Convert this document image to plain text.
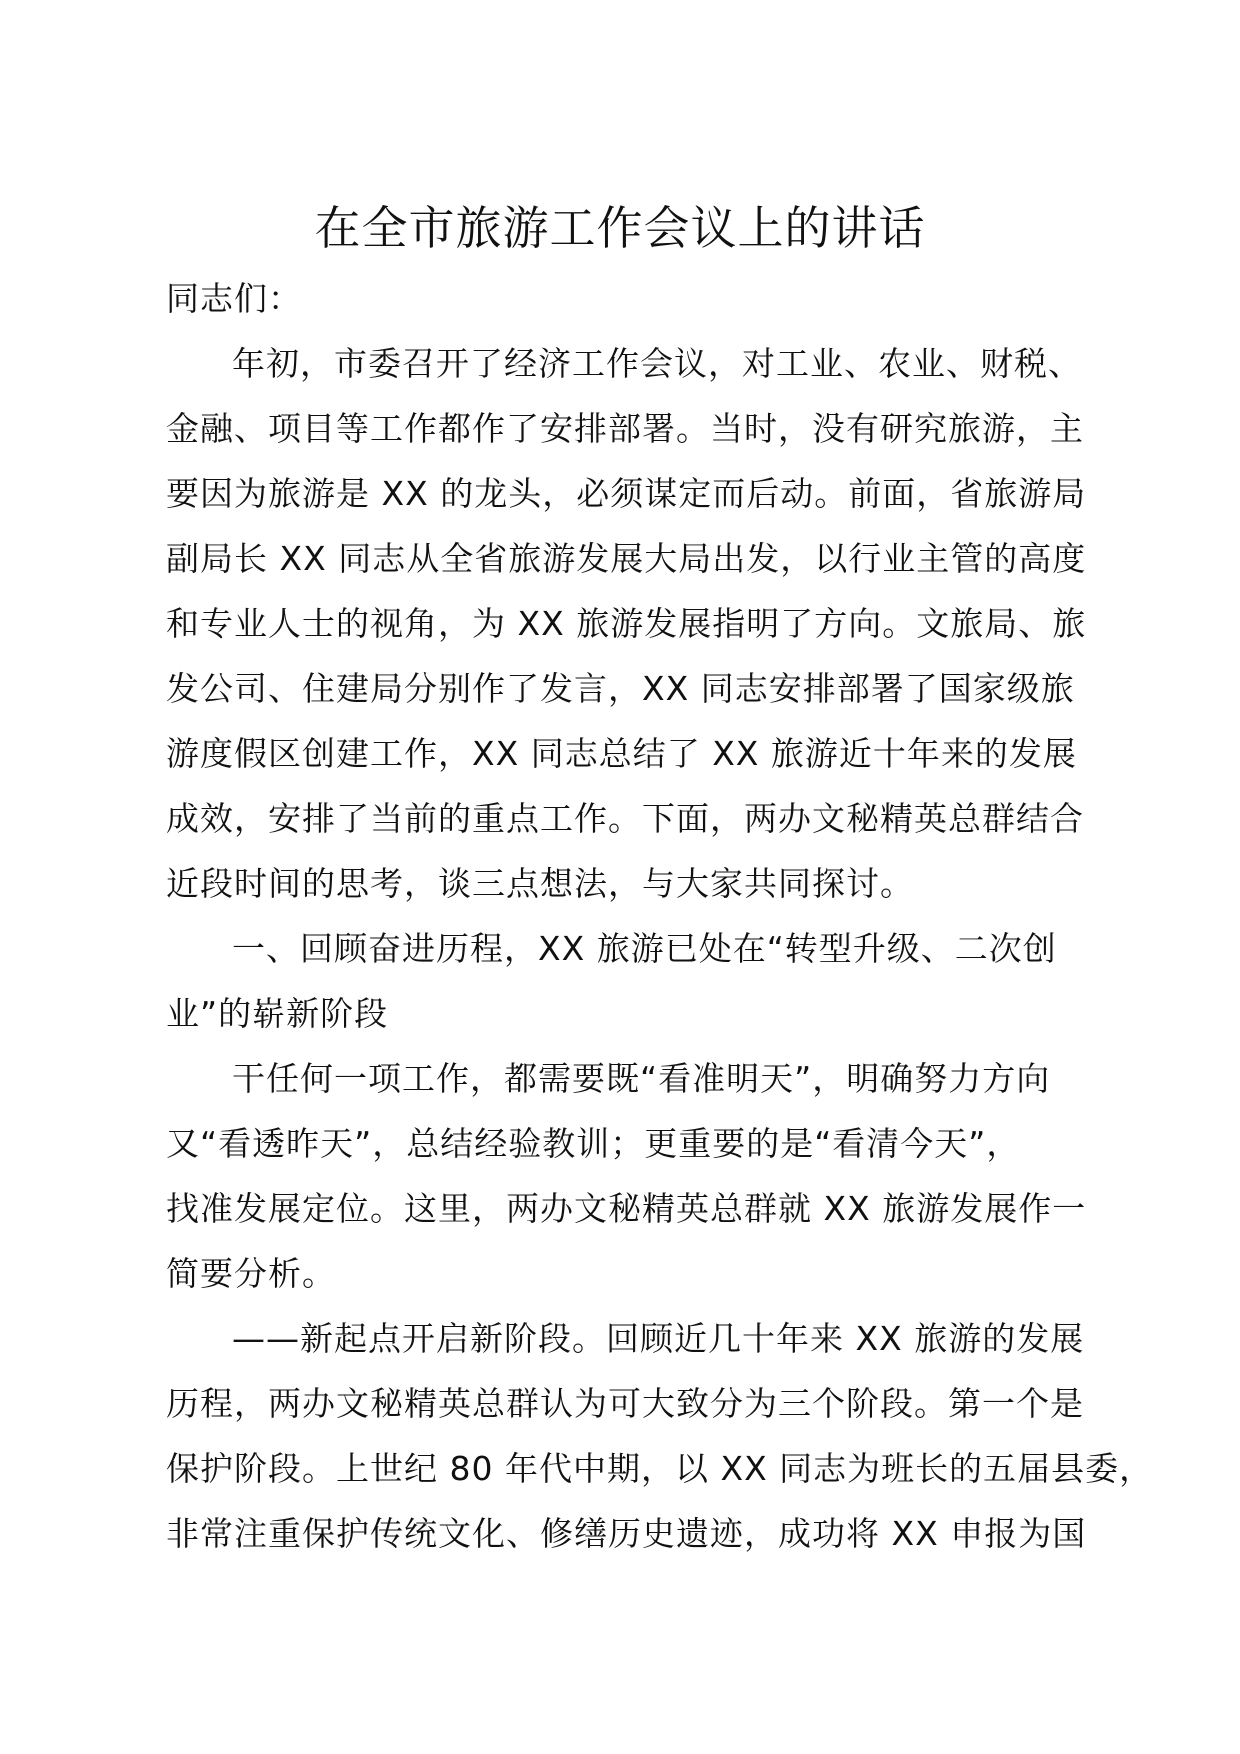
在全市旅游工作会议上的讲话
同志们：
年初，市委召开了经济工作会议，对工业、农业、财税、
金融、项目等工作都作了安排部署。当时，没有研究旅游，主
要因为旅游是 XX 的龙头，必须谋定而后动。前面，省旅游局
副局长 XX 同志从全省旅游发展大局出发，以行业主管的高度
和专业人士的视角，为 XX 旅游发展指明了方向。文旅局、旅
发公司、住建局分别作了发言，XX 同志安排部署了国家级旅
游度假区创建工作，XX 同志总结了 XX 旅游近十年来的发展
成效，安排了当前的重点工作。下面，两办文秘精英总群结合
近段时间的思考，谈三点想法，与大家共同探讨。
一、回顾奋进历程，XX 旅游已处在“转型升级、二次创
业”的崭新阶段
干任何一项工作，都需要既“看准明天”，明确努力方向
又“看透昨天”，总结经验教训；更重要的是“看清今天”，
找准发展定位。这里，两办文秘精英总群就 XX 旅游发展作一
简要分析。
——新起点开启新阶段。回顾近几十年来 XX 旅游的发展
历程，两办文秘精英总群认为可大致分为三个阶段。第一个是
保护阶段。上世纪 80 年代中期，以 XX 同志为班长的五届县委，
非常注重保护传统文化、修缮历史遗迹，成功将 XX 申报为国
